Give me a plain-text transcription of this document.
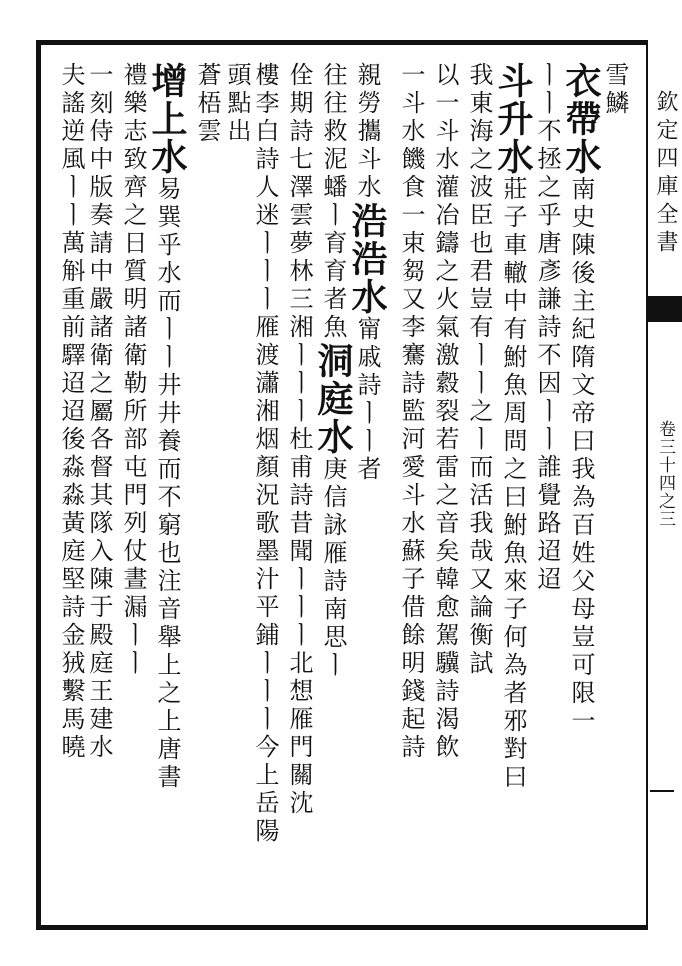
欽定四庫全書
卷三十四之三
雪鱗
衣帶水南史陳後主紀隋文帝曰我為百姓父母豈可限一
ㅣㅣ不拯之乎唐彥謙詩不因ㅣㅣ誰覺路迢迢
斗升水莊子車轍中有鮒魚周問之曰鮒魚來子何為者邪對曰
我東海之波臣也君豈有ㅣㅣ之ㅣ而活我哉又論衡試
以一斗水灌冶鑄之火氣激縠裂若雷之音矣韓愈駕驥詩渴飲
一斗水饑食一束芻又李騫詩監河愛斗水蘇子借餘明錢起詩
親勞攜斗水浩浩水甯戚詩ㅣㅣ者
往往救泥蟠ㅣ育育者魚洞庭水庚信詠雁詩南思ㅣ
佺期詩七澤雲夢林三湘ㅣㅣㅣ杜甫詩昔聞ㅣㅣㅣ北想雁門關沈
樓李白詩人迷ㅣㅣㅣ雁渡瀟湘烟顏況歌墨汁平鋪ㅣㅣㅣ今上岳陽
頭點出
蒼梧雲
增上水易巽乎水而ㅣㅣ井井養而不窮也注音舉上之上唐書
禮樂志致齊之日質明諸衛勒所部屯門列仗晝漏ㅣㅣ
一刻侍中版奏請中嚴諸衛之屬各督其隊入陳于殿庭王建水
夫謠逆風ㅣㅣ萬斛重前驛迢迢後淼淼黃庭堅詩金狨繫馬曉
